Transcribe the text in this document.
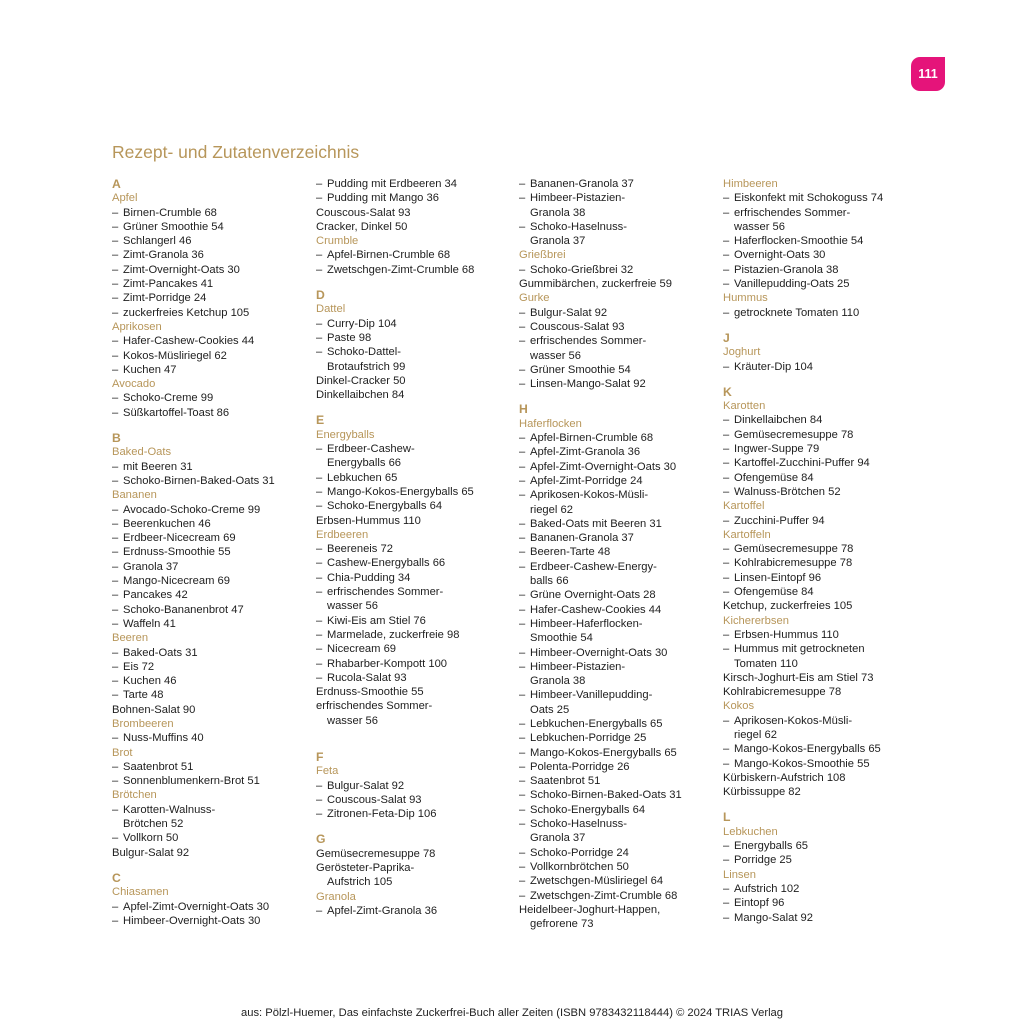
111
Rezept- und Zutatenverzeichnis
A
Apfel
– Birnen-Crumble 68
– Grüner Smoothie 54
– Schlangerl 46
– Zimt-Granola 36
– Zimt-Overnight-Oats 30
– Zimt-Pancakes 41
– Zimt-Porridge 24
– zuckerfreies Ketchup 105
Aprikosen
– Hafer-Cashew-Cookies 44
– Kokos-Müsliriegel 62
– Kuchen 47
Avocado
– Schoko-Creme 99
– Süßkartoffel-Toast 86
B
Baked-Oats
– mit Beeren 31
– Schoko-Birnen-Baked-Oats 31
Bananen
– Avocado-Schoko-Creme 99
– Beerenkuchen 46
– Erdbeer-Nicecream 69
– Erdnuss-Smoothie 55
– Granola 37
– Mango-Nicecream 69
– Pancakes 42
– Schoko-Bananenbrot 47
– Waffeln 41
Beeren
– Baked-Oats 31
– Eis 72
– Kuchen 46
– Tarte 48
Bohnen-Salat 90
Brombeeren
– Nuss-Muffins 40
Brot
– Saatenbrot 51
– Sonnenblumenkern-Brot 51
Brötchen
– Karotten-Walnuss-
Brötchen 52
– Vollkorn 50
Bulgur-Salat 92
C
Chiasamen
– Apfel-Zimt-Overnight-Oats 30
– Himbeer-Overnight-Oats 30
– Pudding mit Erdbeeren 34
– Pudding mit Mango 36
Couscous-Salat 93
Cracker, Dinkel 50
Crumble
– Apfel-Birnen-Crumble 68
– Zwetschgen-Zimt-Crumble 68
D
Dattel
– Curry-Dip 104
– Paste 98
– Schoko-Dattel-
Brotaufstrich 99
Dinkel-Cracker 50
Dinkellaibchen 84
E
Energyballs
– Erdbeer-Cashew-
Energyballs 66
– Lebkuchen 65
– Mango-Kokos-Energyballs 65
– Schoko-Energyballs 64
Erbsen-Hummus 110
Erdbeeren
– Beereneis 72
– Cashew-Energyballs 66
– Chia-Pudding 34
– erfrischendes Sommer-
wasser 56
– Kiwi-Eis am Stiel 76
– Marmelade, zuckerfreie 98
– Nicecream 69
– Rhabarber-Kompott 100
– Rucola-Salat 93
Erdnuss-Smoothie 55
erfrischendes Sommer-
wasser 56
F
Feta
– Bulgur-Salat 92
– Couscous-Salat 93
– Zitronen-Feta-Dip 106
G
Gemüsecremesuppe 78
Gerösteter-Paprika-
Aufstrich 105
Granola
– Apfel-Zimt-Granola 36
– Bananen-Granola 37
– Himbeer-Pistazien-
Granola 38
– Schoko-Haselnuss-
Granola 37
Grießbrei
– Schoko-Grießbrei 32
Gummibärchen, zuckerfreie 59
Gurke
– Bulgur-Salat 92
– Couscous-Salat 93
– erfrischendes Sommer-
wasser 56
– Grüner Smoothie 54
– Linsen-Mango-Salat 92
H
Haferflocken
– Apfel-Birnen-Crumble 68
– Apfel-Zimt-Granola 36
– Apfel-Zimt-Overnight-Oats 30
– Apfel-Zimt-Porridge 24
– Aprikosen-Kokos-Müsli-
riegel 62
– Baked-Oats mit Beeren 31
– Bananen-Granola 37
– Beeren-Tarte 48
– Erdbeer-Cashew-Energy-
balls 66
– Grüne Overnight-Oats 28
– Hafer-Cashew-Cookies 44
– Himbeer-Haferflocken-
Smoothie 54
– Himbeer-Overnight-Oats 30
– Himbeer-Pistazien-
Granola 38
– Himbeer-Vanillepudding-
Oats 25
– Lebkuchen-Energyballs 65
– Lebkuchen-Porridge 25
– Mango-Kokos-Energyballs 65
– Polenta-Porridge 26
– Saatenbrot 51
– Schoko-Birnen-Baked-Oats 31
– Schoko-Energyballs 64
– Schoko-Haselnuss-
Granola 37
– Schoko-Porridge 24
– Vollkornbrötchen 50
– Zwetschgen-Müsliriegel 64
– Zwetschgen-Zimt-Crumble 68
Heidelbeer-Joghurt-Happen,
gefrorene 73
Himbeeren
– Eiskonfekt mit Schokoguss 74
– erfrischendes Sommer-
wasser 56
– Haferflocken-Smoothie 54
– Overnight-Oats 30
– Pistazien-Granola 38
– Vanillepudding-Oats 25
Hummus
– getrocknete Tomaten 110
J
Joghurt
– Kräuter-Dip 104
K
Karotten
– Dinkellaibchen 84
– Gemüsecremesuppe 78
– Ingwer-Suppe 79
– Kartoffel-Zucchini-Puffer 94
– Ofengemüse 84
– Walnuss-Brötchen 52
Kartoffel
– Zucchini-Puffer 94
Kartoffeln
– Gemüsecremesuppe 78
– Kohlrabicremesuppe 78
– Linsen-Eintopf 96
– Ofengemüse 84
Ketchup, zuckerfreies 105
Kichererbsen
– Erbsen-Hummus 110
– Hummus mit getrockneten
Tomaten 110
Kirsch-Joghurt-Eis am Stiel 73
Kohlrabicremesuppe 78
Kokos
– Aprikosen-Kokos-Müsli-
riegel 62
– Mango-Kokos-Energyballs 65
– Mango-Kokos-Smoothie 55
Kürbiskern-Aufstrich 108
Kürbissuppe 82
L
Lebkuchen
– Energyballs 65
– Porridge 25
Linsen
– Aufstrich 102
– Eintopf 96
– Mango-Salat 92
aus: Pölzl-Huemer, Das einfachste Zuckerfrei-Buch aller Zeiten (ISBN 9783432118444) © 2024 TRIAS Verlag
